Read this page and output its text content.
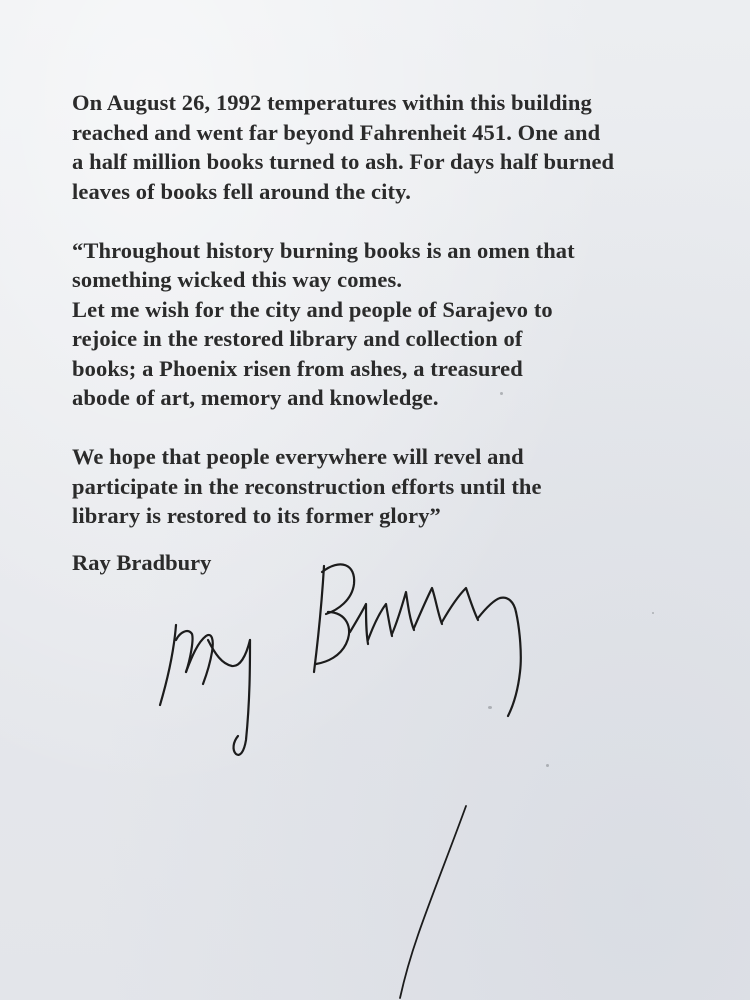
On August 26, 1992 temperatures within this building
reached and went far beyond Fahrenheit 451. One and
a half million books turned to ash. For days half burned
leaves of books fell around the city.

“Throughout history burning books is an omen that
something wicked this way comes.
Let me wish for the city and people of Sarajevo to
rejoice in the restored library and collection of
books; a Phoenix risen from ashes, a treasured
abode of art, memory and knowledge.

We hope that people everywhere will revel and
participate in the reconstruction efforts until the
library is restored to its former glory”

Ray Bradbury
